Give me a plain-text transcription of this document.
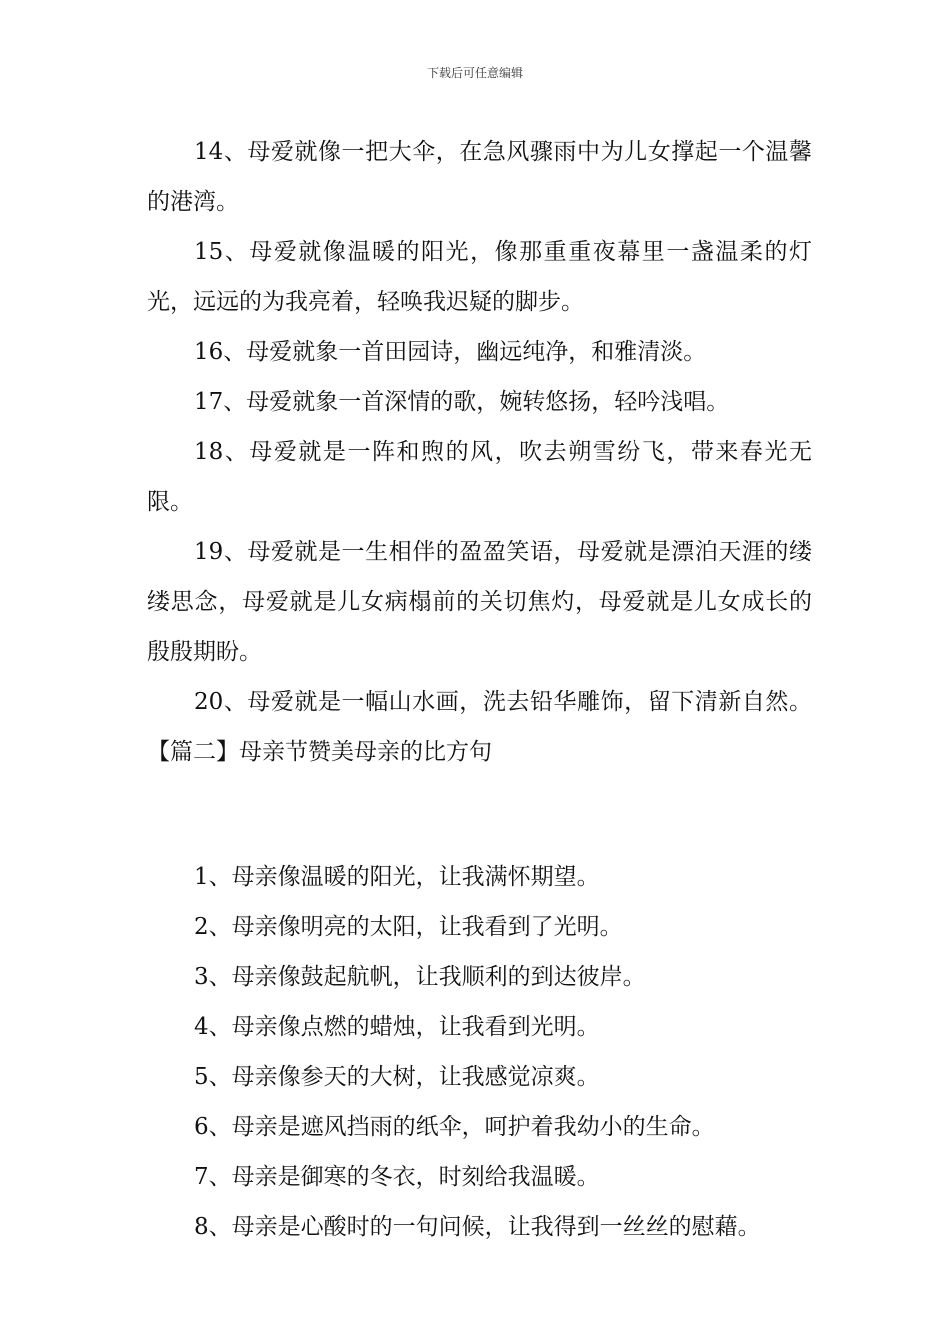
下载后可任意编辑

14、母爱就像一把大伞，在急风骤雨中为儿女撑起一个温馨的港湾。

15、母爱就像温暖的阳光，像那重重夜幕里一盏温柔的灯光，远远的为我亮着，轻唤我迟疑的脚步。

16、母爱就象一首田园诗，幽远纯净，和雅清淡。

17、母爱就象一首深情的歌，婉转悠扬，轻吟浅唱。

18、母爱就是一阵和煦的风，吹去朔雪纷飞，带来春光无限。

19、母爱就是一生相伴的盈盈笑语，母爱就是漂泊天涯的缕缕思念，母爱就是儿女病榻前的关切焦灼，母爱就是儿女成长的殷殷期盼。

20、母爱就是一幅山水画，洗去铅华雕饰，留下清新自然。【篇二】母亲节赞美母亲的比方句

1、母亲像温暖的阳光，让我满怀期望。

2、母亲像明亮的太阳，让我看到了光明。

3、母亲像鼓起航帆，让我顺利的到达彼岸。

4、母亲像点燃的蜡烛，让我看到光明。

5、母亲像参天的大树，让我感觉凉爽。

6、母亲是遮风挡雨的纸伞，呵护着我幼小的生命。

7、母亲是御寒的冬衣，时刻给我温暖。

8、母亲是心酸时的一句问候，让我得到一丝丝的慰藉。
